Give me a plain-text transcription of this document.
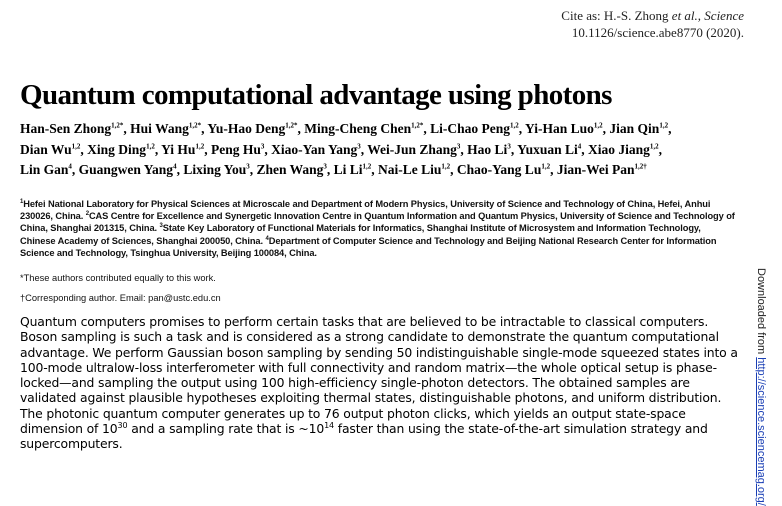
Cite as: H.-S. Zhong et al., Science
10.1126/science.abe8770 (2020).
Quantum computational advantage using photons

Han-Sen Zhong$^{1,2*}$, Hui Wang$^{1,2*}$, Yu-Hao Deng$^{1,2*}$, Ming-Cheng Chen$^{1,2*}$, Li-Chao Peng$^{1,2}$, Yi-Han Luo$^{1,2}$, Jian Qin$^{1,2}$, Dian Wu$^{1,2}$, Xing Ding$^{1,2}$, Yi Hu$^{1,2}$, Peng Hu$^3$, Xiao-Yan Yang$^3$, Wei-Jun Zhang$^3$, Hao Li$^3$, Yuxuan Li$^4$, Xiao Jiang$^{1,2}$, Lin Gan$^4$, Guangwen Yang$^4$, Lixing You$^3$, Zhen Wang$^3$, Li Li$^{1,2}$, Nai-Le Liu$^{1,2}$, Chao-Yang Lu$^{1,2}$, Jian-Wei Pan$^{1,2\dagger}$

$^1$Hefei National Laboratory for Physical Sciences at Microscale and Department of Modern Physics, University of Science and Technology of China, Hefei, Anhui 230026, China. $^2$CAS Centre for Excellence and Synergetic Innovation Centre in Quantum Information and Quantum Physics, University of Science and Technology of China, Shanghai 201315, China. $^3$State Key Laboratory of Functional Materials for Informatics, Shanghai Institute of Microsystem and Information Technology, Chinese Academy of Sciences, Shanghai 200050, China. $^4$Department of Computer Science and Technology and Beijing National Research Center for Information Science and Technology, Tsinghua University, Beijing 100084, China.

*These authors contributed equally to this work.

†Corresponding author. Email: pan@ustc.edu.cn

Quantum computers promises to perform certain tasks that are believed to be intractable to classical computers. Boson sampling is such a task and is considered as a strong candidate to demonstrate the quantum computational advantage. We perform Gaussian boson sampling by sending 50 indistinguishable single-mode squeezed states into a 100-mode ultralow-loss interferometer with full connectivity and random matrix—the whole optical setup is phase-locked—and sampling the output using 100 high-efficiency single-photon detectors. The obtained samples are validated against plausible hypotheses exploiting thermal states, distinguishable photons, and uniform distribution. The photonic quantum computer generates up to 76 output photon clicks, which yields an output state-space dimension of $10^{30}$ and a sampling rate that is $\sim 10^{14}$ faster than using the state-of-the-art simulation strategy and supercomputers.

Downloaded from http://science.sciencemag.org/
